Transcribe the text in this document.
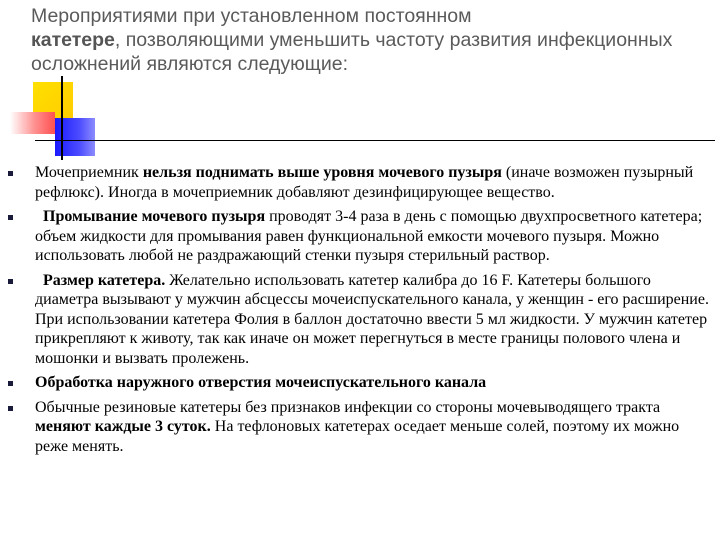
Мероприятиями при установленном постоянном
катетере, позволяющими уменьшить частоту развития инфекционных осложнений являются следующие:
Мочеприемник нельзя поднимать выше уровня мочевого пузыря (иначе возможен пузырный рефлюкс). Иногда в мочеприемник добавляют дезинфицирующее вещество.
Промывание мочевого пузыря проводят 3-4 раза в день с помощью двухпросветного катетера; объем жидкости для промывания равен функциональной емкости мочевого пузыря. Можно использовать любой не раздражающий стенки пузыря стерильный раствор.
Размер катетера. Желательно использовать катетер калибра до 16 F. Катетеры большого диаметра вызывают у мужчин абсцессы мочеиспускательного канала, у женщин - его расширение. При использовании катетера Фолия в баллон достаточно ввести 5 мл жидкости. У мужчин катетер прикрепляют к животу, так как иначе он может перегнуться в месте границы полового члена и мошонки и вызвать пролежень.
Обработка наружного отверстия мочеиспускательного канала
Обычные резиновые катетеры без признаков инфекции со стороны мочевыводящего тракта меняют каждые 3 суток. На тефлоновых катетерах оседает меньше солей, поэтому их можно реже менять.
